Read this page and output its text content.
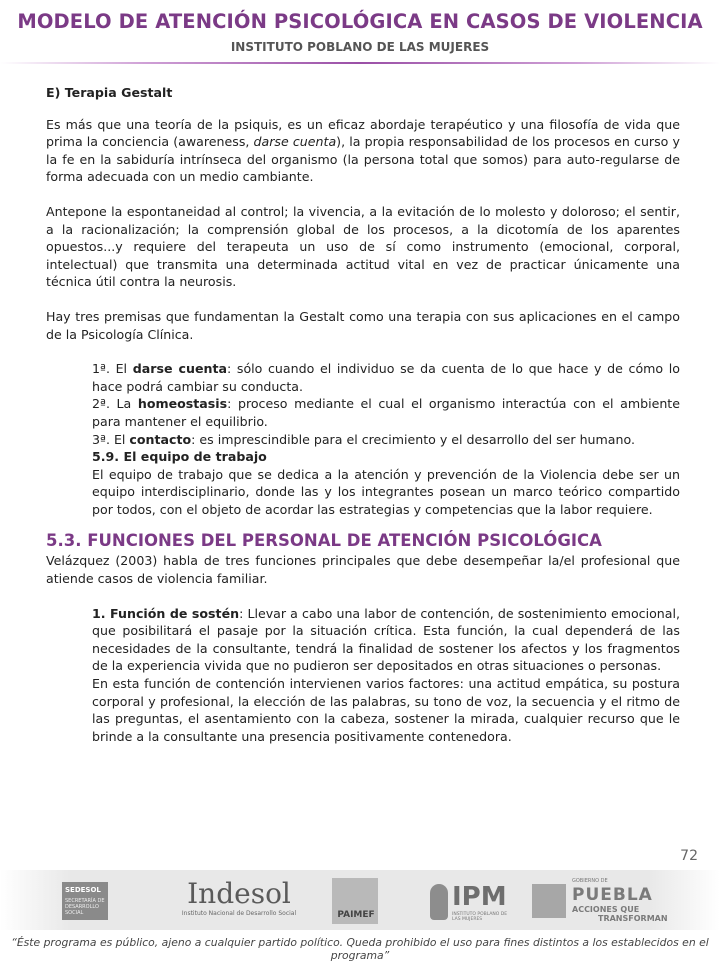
MODELO DE ATENCIÓN PSICOLÓGICA EN CASOS DE VIOLENCIA
INSTITUTO POBLANO DE LAS MUJERES

E) Terapia Gestalt

Es más que una teoría de la psiquis, es un eficaz abordaje terapéutico y una filosofía de vida que prima la conciencia (awareness, darse cuenta), la propia responsabilidad de los procesos en curso y la fe en la sabiduría intrínseca del organismo (la persona total que somos) para auto-regularse de forma adecuada con un medio cambiante.

Antepone la espontaneidad al control; la vivencia, a la evitación de lo molesto y doloroso; el sentir, a la racionalización; la comprensión global de los procesos, a la dicotomía de los aparentes opuestos...y requiere del terapeuta un uso de sí como instrumento (emocional, corporal, intelectual) que transmita una determinada actitud vital en vez de practicar únicamente una técnica útil contra la neurosis.

Hay tres premisas que fundamentan la Gestalt como una terapia con sus aplicaciones en el campo de la Psicología Clínica.

1ª. El darse cuenta: sólo cuando el individuo se da cuenta de lo que hace y de cómo lo hace podrá cambiar su conducta.

2ª. La homeostasis: proceso mediante el cual el organismo interactúa con el ambiente para mantener el equilibrio.

3ª. El contacto: es imprescindible para el crecimiento y el desarrollo del ser humano.

5.9. El equipo de trabajo

El equipo de trabajo que se dedica a la atención y prevención de la Violencia debe ser un equipo interdisciplinario, donde las y los integrantes posean un marco teórico compartido por todos, con el objeto de acordar las estrategias y competencias que la labor requiere.

5.3. FUNCIONES DEL PERSONAL DE ATENCIÓN PSICOLÓGICA

Velázquez (2003) habla de tres funciones principales que debe desempeñar la/el profesional que atiende casos de violencia familiar.

1. Función de sostén: Llevar a cabo una labor de contención, de sostenimiento emocional, que posibilitará el pasaje por la situación crítica. Esta función, la cual dependerá de las necesidades de la consultante, tendrá la finalidad de sostener los afectos y los fragmentos de la experiencia vivida que no pudieron ser depositados en otras situaciones o personas.

En esta función de contención intervienen varios factores: una actitud empática, su postura corporal y profesional, la elección de las palabras, su tono de voz, la secuencia y el ritmo de las preguntas, el asentamiento con la cabeza, sostener la mirada, cualquier recurso que le brinde a la consultante una presencia positivamente contenedora.

72
SEDESOL
SECRETARÍA DE DESARROLLO SOCIAL
Indesol
Instituto Nacional de Desarrollo Social	PAIMEF
IPM
INSTITUTO POBLANO DE LAS MUJERES
GOBIERNO DE
PUEBLA
ACCIONES QUE
TRANSFORMAN
“Éste programa es público, ajeno a cualquier partido político. Queda prohibido el uso para fines distintos a los establecidos en el programa”
